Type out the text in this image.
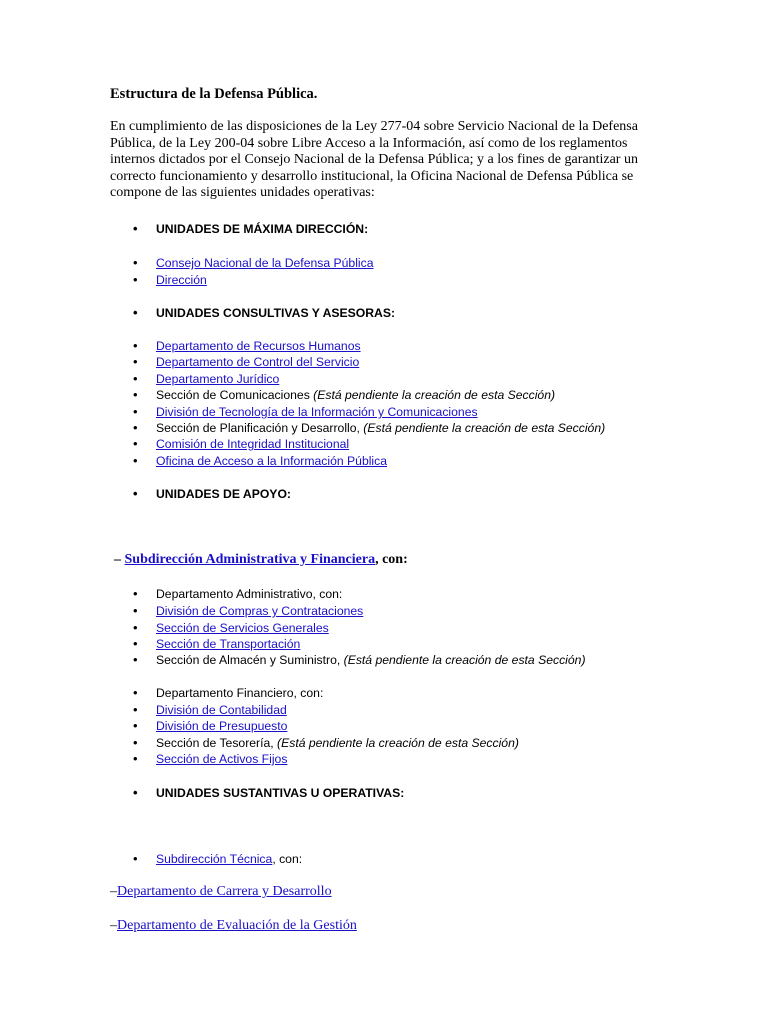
Estructura de la Defensa Pública.
En cumplimiento de las disposiciones de la Ley 277-04 sobre Servicio Nacional de la Defensa Pública, de la Ley 200-04 sobre Libre Acceso a la Información, así como de los reglamentos internos dictados por el Consejo Nacional de la Defensa Pública; y a los fines de garantizar un correcto funcionamiento y desarrollo institucional, la Oficina Nacional de Defensa Pública se compone de las siguientes unidades operativas:
• UNIDADES DE MÁXIMA DIRECCIÓN:
• Consejo Nacional de la Defensa Pública
• Dirección
• UNIDADES CONSULTIVAS Y ASESORAS:
• Departamento de Recursos Humanos
• Departamento de Control del Servicio
• Departamento Jurídico
• Sección de Comunicaciones (Está pendiente la creación de esta Sección)
• División de Tecnología de la Información y Comunicaciones
• Sección de Planificación y Desarrollo, (Está pendiente la creación de esta Sección)
• Comisión de Integridad Institucional
• Oficina de Acceso a la Información Pública
• UNIDADES DE APOYO:
– Subdirección Administrativa y Financiera, con:
• Departamento Administrativo, con:
• División de Compras y Contrataciones
• Sección de Servicios Generales
• Sección de Transportación
• Sección de Almacén y Suministro, (Está pendiente la creación de esta Sección)
• Departamento Financiero, con:
• División de Contabilidad
• División de Presupuesto
• Sección de Tesorería, (Está pendiente la creación de esta Sección)
• Sección de Activos Fijos
• UNIDADES SUSTANTIVAS U OPERATIVAS:
• Subdirección Técnica, con:
–Departamento de Carrera y Desarrollo
–Departamento de Evaluación de la Gestión
